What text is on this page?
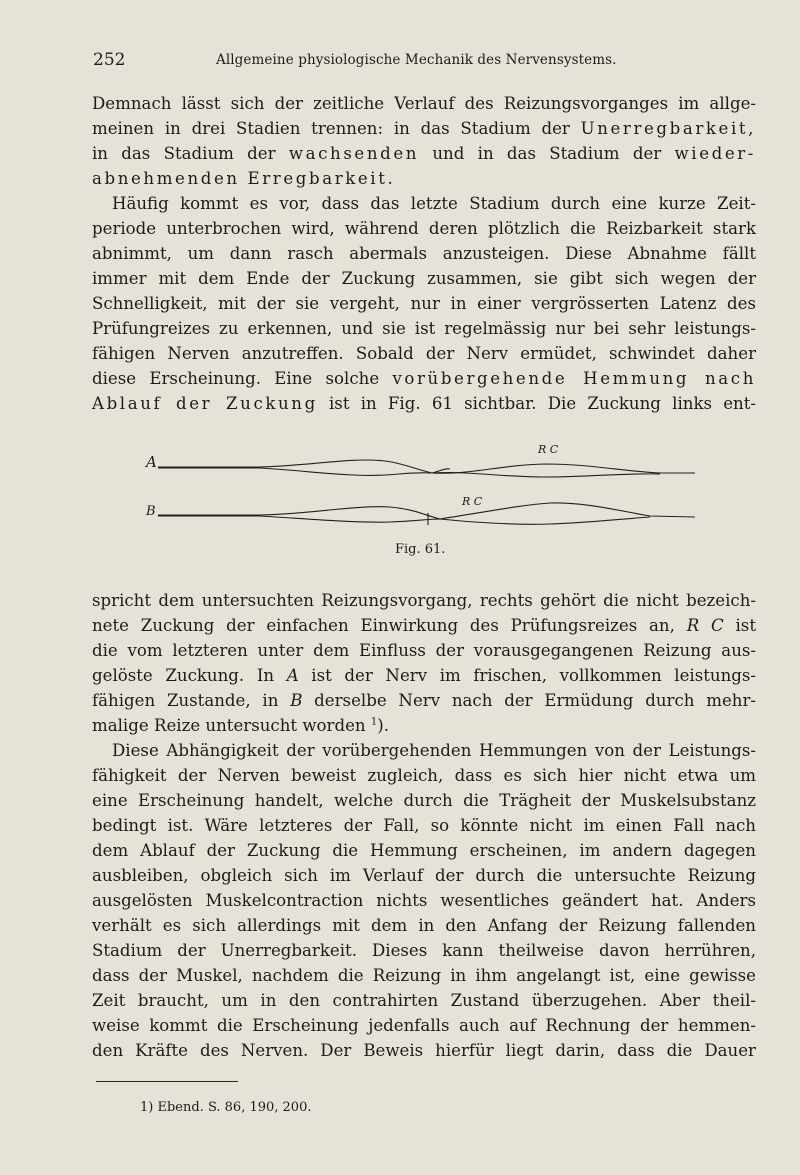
252	Allgemeine physiologische Mechanik des Nervensystems.
Demnach lässt sich der zeitliche Verlauf des Reizungsvorganges im allge-
meinen in drei Stadien trennen: in das Stadium der Unerregbarkeit,
in das Stadium der wachsenden und in das Stadium der wieder-
abnehmenden Erregbarkeit.
Häufig kommt es vor, dass das letzte Stadium durch eine kurze Zeit-
periode unterbrochen wird, während deren plötzlich die Reizbarkeit stark
abnimmt, um dann rasch abermals anzusteigen. Diese Abnahme fällt
immer mit dem Ende der Zuckung zusammen, sie gibt sich wegen der
Schnelligkeit, mit der sie vergeht, nur in einer vergrösserten Latenz des
Prüfungreizes zu erkennen, und sie ist regelmässig nur bei sehr leistungs-
fähigen Nerven anzutreffen. Sobald der Nerv ermüdet, schwindet daher
diese Erscheinung. Eine solche vorübergehende Hemmung nach
Ablauf der Zuckung ist in Fig. 61 sichtbar. Die Zuckung links ent-
A
B
R C
R C
Fig. 61.
spricht dem untersuchten Reizungsvorgang, rechts gehört die nicht bezeich-
nete Zuckung der einfachen Einwirkung des Prüfungsreizes an, R C ist
die vom letzteren unter dem Einfluss der vorausgegangenen Reizung aus-
gelöste Zuckung. In A ist der Nerv im frischen, vollkommen leistungs-
fähigen Zustande, in B derselbe Nerv nach der Ermüdung durch mehr-
malige Reize untersucht worden $^1$).
Diese Abhängigkeit der vorübergehenden Hemmungen von der Leistungs-
fähigkeit der Nerven beweist zugleich, dass es sich hier nicht etwa um
eine Erscheinung handelt, welche durch die Trägheit der Muskelsubstanz
bedingt ist. Wäre letzteres der Fall, so könnte nicht im einen Fall nach
dem Ablauf der Zuckung die Hemmung erscheinen, im andern dagegen
ausbleiben, obgleich sich im Verlauf der durch die untersuchte Reizung
ausgelösten Muskelcontraction nichts wesentliches geändert hat. Anders
verhält es sich allerdings mit dem in den Anfang der Reizung fallenden
Stadium der Unerregbarkeit. Dieses kann theilweise davon herrühren,
dass der Muskel, nachdem die Reizung in ihm angelangt ist, eine gewisse
Zeit braucht, um in den contrahirten Zustand überzugehen. Aber theil-
weise kommt die Erscheinung jedenfalls auch auf Rechnung der hemmen-
den Kräfte des Nerven. Der Beweis hierfür liegt darin, dass die Dauer
1) Ebend. S. 86, 190, 200.
